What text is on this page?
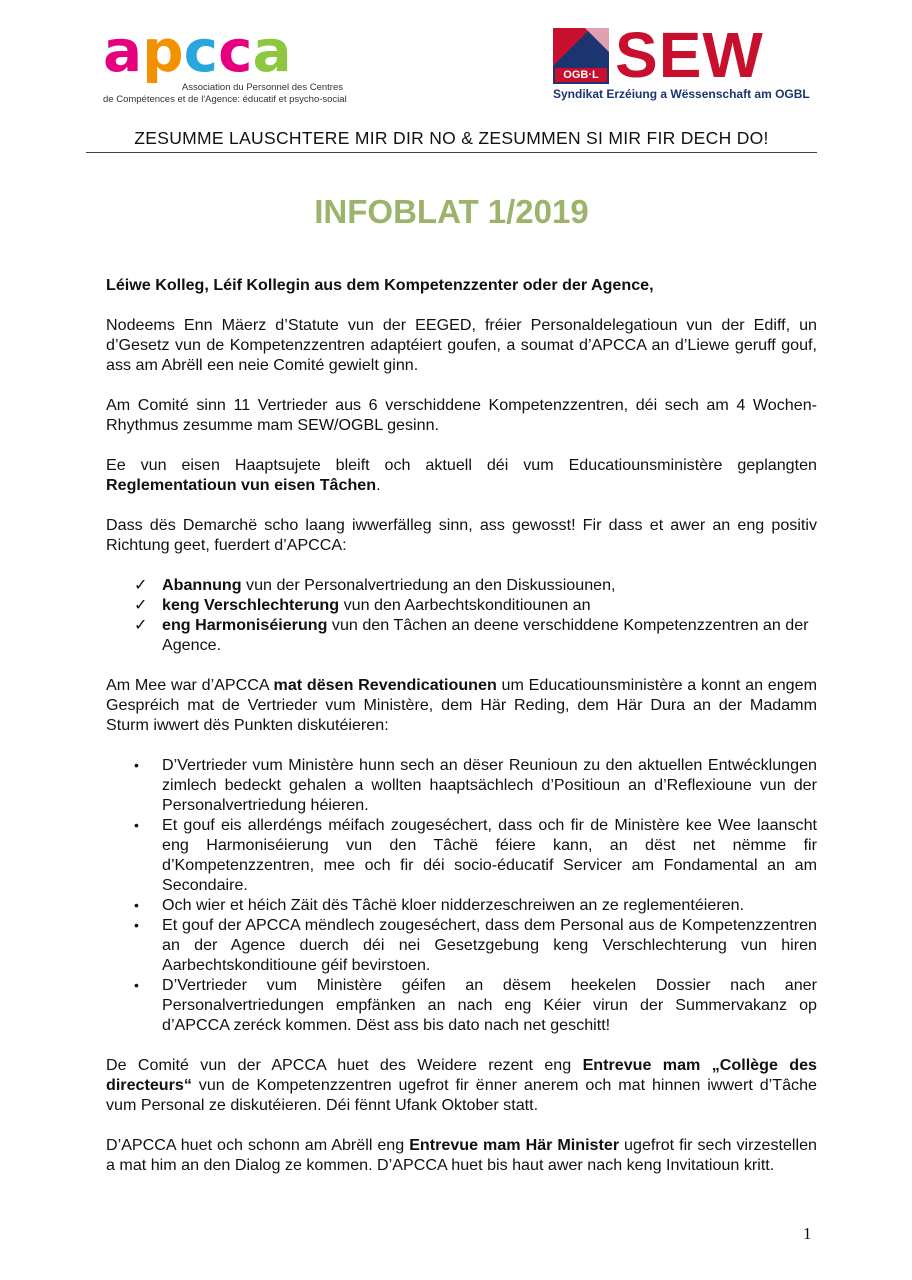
a p c c a
Association du Personnel des Centres
de Compétences et de l'Agence: éducatif et psycho-social
OGB·L SEW
Syndikat Erzéiung a Wëssenschaft am OGBL
ZESUMME LAUSCHTERE MIR DIR NO & ZESUMMEN SI MIR FIR DECH DO!
INFOBLAT 1/2019

Léiwe Kolleg, Léif Kollegin aus dem Kompetenzzenter oder der Agence,

Nodeems Enn Mäerz d’Statute vun der EEGED, fréier Personaldelegatioun vun der Ediff, un d’Gesetz vun de Kompetenzzentren adaptéiert goufen, a soumat d’APCCA an d’Liewe geruff gouf, ass am Abrëll een neie Comité gewielt ginn.

Am Comité sinn 11 Vertrieder aus 6 verschiddene Kompetenzzentren, déi sech am 4 Wochen-Rhythmus zesumme mam SEW/OGBL gesinn.

Ee vun eisen Haaptsujete bleift och aktuell déi vum Educatiounsministère geplangten Reglementatioun vun eisen Tâchen.

Dass dës Demarchë scho laang iwwerfälleg sinn, ass gewosst! Fir dass et awer an eng positiv Richtung geet, fuerdert d’APCCA:

✓ Abannung vun der Personalvertriedung an den Diskussiounen,
✓ keng Verschlechterung vun den Aarbechtskonditiounen an
✓ eng Harmoniséierung vun den Tâchen an deene verschiddene Kompetenzzentren an der Agence.

Am Mee war d’APCCA mat dësen Revendicatiounen um Educatiounsministère a konnt an engem Gespréich mat de Vertrieder vum Ministère, dem Här Reding, dem Här Dura an der Madamm Sturm iwwert dës Punkten diskutéieren:

• D’Vertrieder vum Ministère hunn sech an dëser Reunioun zu den aktuellen Entwécklungen zimlech bedeckt gehalen a wollten haaptsächlech d’Positioun an d’Reflexioune vun der Personalvertriedung héieren.
• Et gouf eis allerdéngs méifach zougeséchert, dass och fir de Ministère kee Wee laanscht eng Harmoniséierung vun den Tâchë féiere kann, an dëst net nëmme fir d’Kompetenzzentren, mee och fir déi socio-éducatif Servicer am Fondamental an am Secondaire.
• Och wier et héich Zäit dës Tâchë kloer nidderzeschreiwen an ze reglementéieren.
• Et gouf der APCCA mëndlech zougeséchert, dass dem Personal aus de Kompetenzzentren an der Agence duerch déi nei Gesetzgebung keng Verschlechterung vun hiren Aarbechtskonditioune géif bevirstoen.
• D’Vertrieder vum Ministère géifen an dësem heekelen Dossier nach aner Personalvertriedungen empfänken an nach eng Kéier virun der Summervakanz op d’APCCA zeréck kommen. Dëst ass bis dato nach net geschitt!

De Comité vun der APCCA huet des Weidere rezent eng Entrevue mam „Collège des directeurs“ vun de Kompetenzzentren ugefrot fir ënner anerem och mat hinnen iwwert d’Tâche vum Personal ze diskutéieren. Déi fënnt Ufank Oktober statt.

D’APCCA huet och schonn am Abrëll eng Entrevue mam Här Minister ugefrot fir sech virzestellen a mat him an den Dialog ze kommen. D’APCCA huet bis haut awer nach keng Invitatioun kritt.

1
